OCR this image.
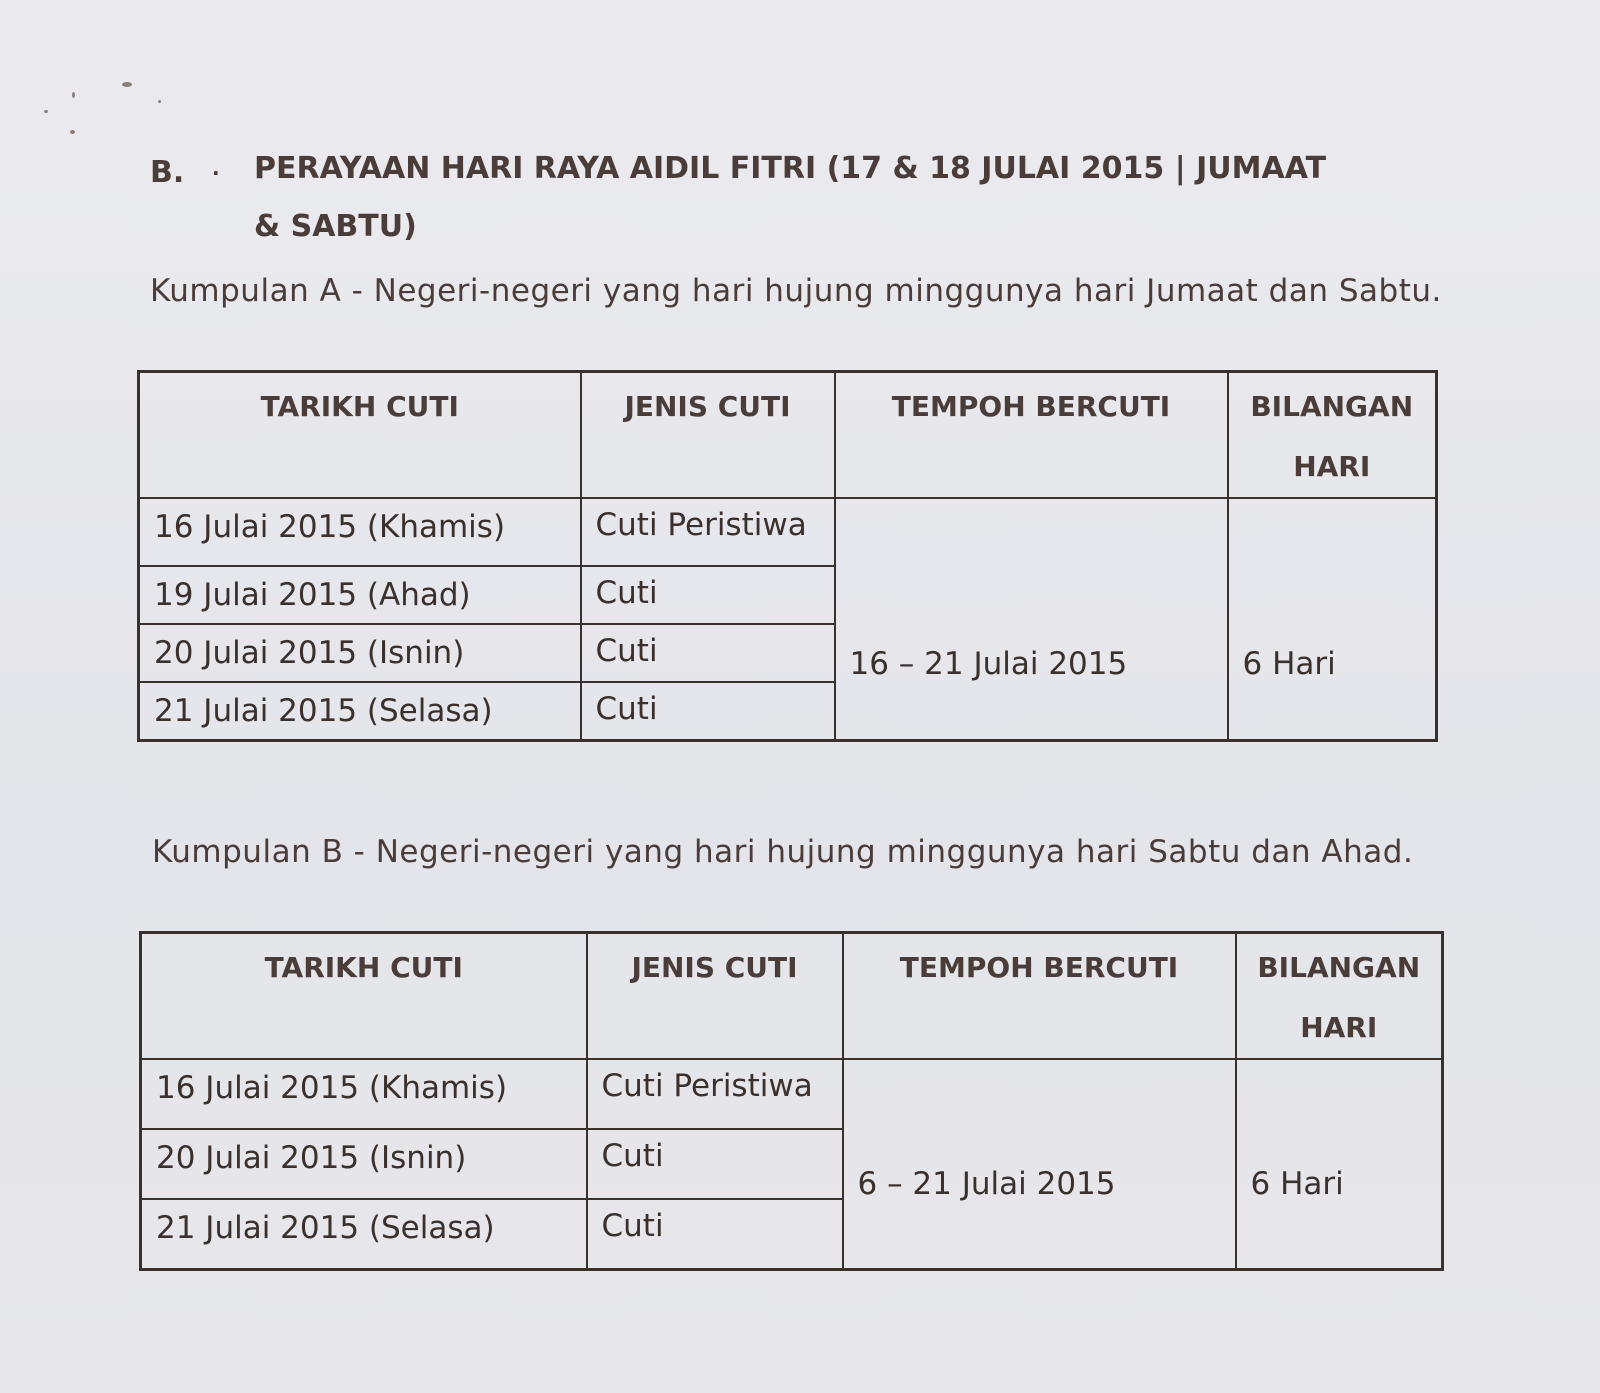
B. · PERAYAAN HARI RAYA AIDIL FITRI (17 & 18 JULAI 2015 | JUMAAT & SABTU)
Kumpulan A - Negeri-negeri yang hari hujung minggunya hari Jumaat dan Sabtu.
TARIKH CUTI	JENIS CUTI	TEMPOH BERCUTI	BILANGAN HARI
16 Julai 2015 (Khamis)	Cuti Peristiwa	16 – 21 Julai 2015	6 Hari
19 Julai 2015 (Ahad)	Cuti		
20 Julai 2015 (Isnin)	Cuti		
21 Julai 2015 (Selasa)	Cuti		
Kumpulan B - Negeri-negeri yang hari hujung minggunya hari Sabtu dan Ahad.
TARIKH CUTI	JENIS CUTI	TEMPOH BERCUTI	BILANGAN HARI
16 Julai 2015 (Khamis)	Cuti Peristiwa	6 – 21 Julai 2015	6 Hari
20 Julai 2015 (Isnin)	Cuti		
21 Julai 2015 (Selasa)	Cuti		
